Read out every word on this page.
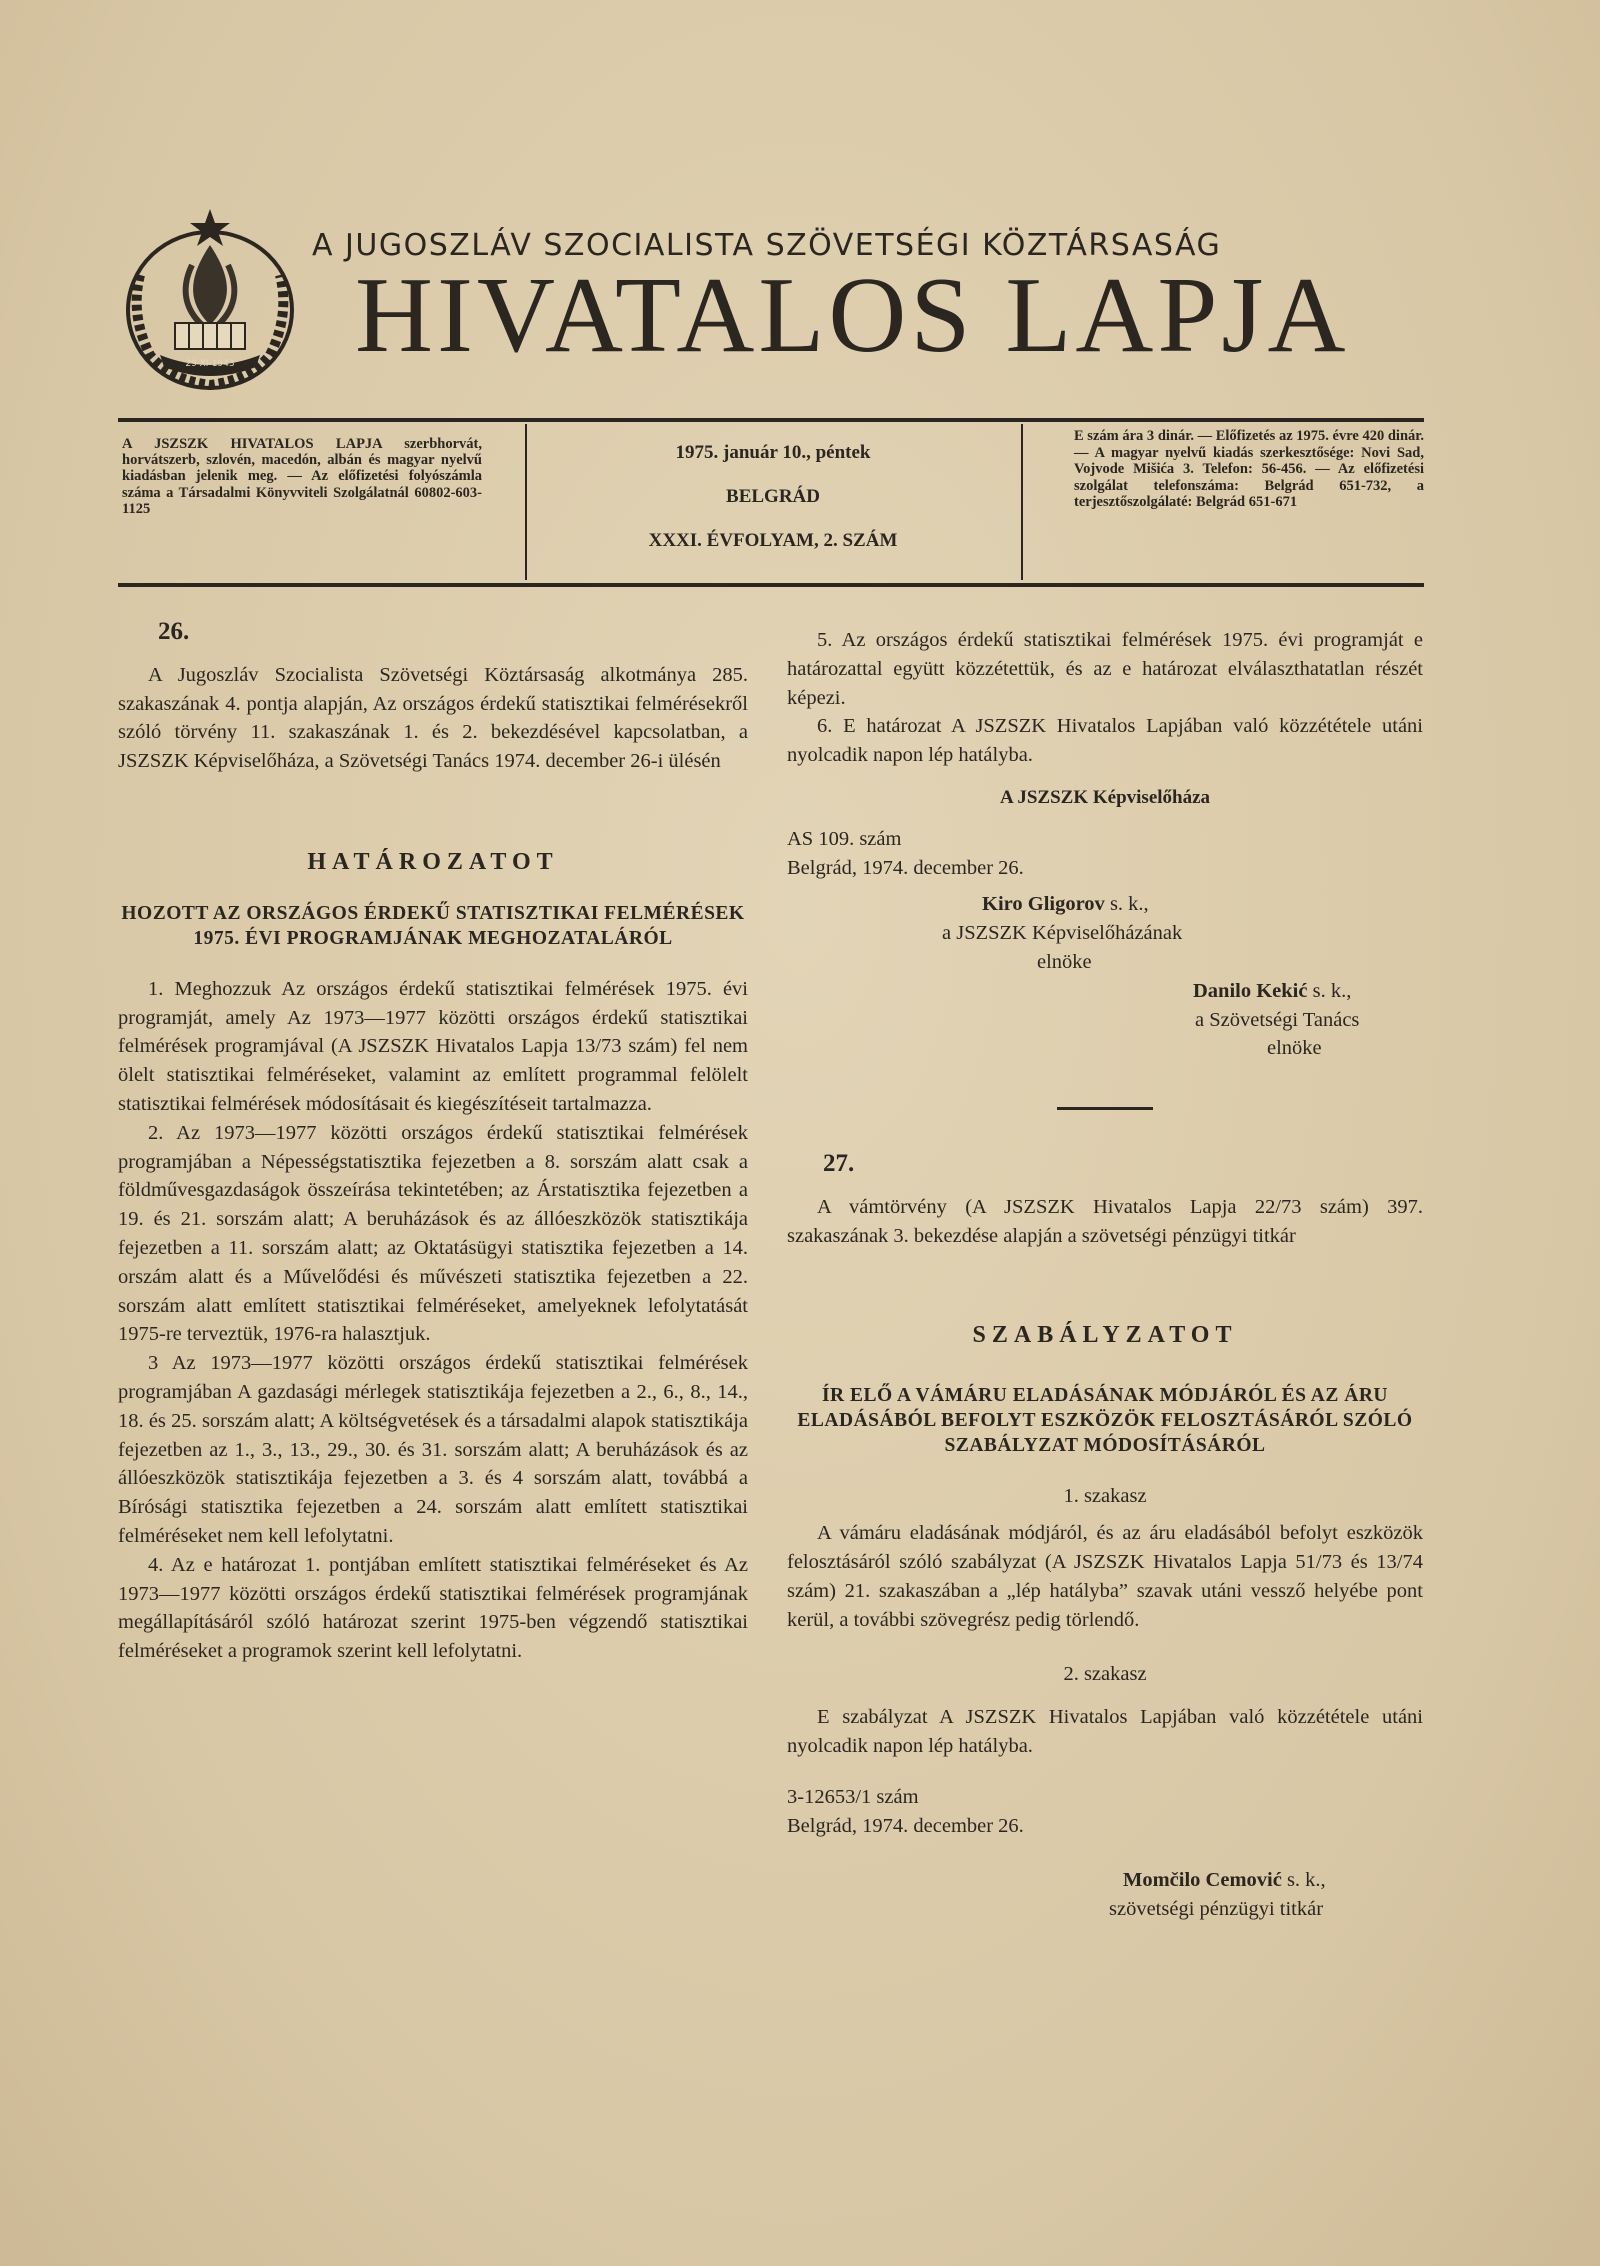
29-XI-1943
A JUGOSZLÁV SZOCIALISTA SZÖVETSÉGI KÖZTÁRSASÁG
HIVATALOS LAPJA

A JSZSZK HIVATALOS LAPJA szerbhorvát, horvátszerb, szlovén, macedón, albán és magyar nyelvű kiadásban jelenik meg. — Az előfizetési folyószámla száma a Társadalmi Könyvviteli Szolgálatnál 60802-603-1125

1975. január 10., péntek
BELGRÁD
XXXI. ÉVFOLYAM, 2. SZÁM
E szám ára 3 dinár. — Előfizetés az 1975. évre 420 dinár. — A magyar nyelvű kiadás szerkesztősége: Novi Sad, Vojvode Mišića 3. Telefon: 56-456. — Az előfizetési szolgálat telefonszáma: Belgrád 651-732, a terjesztőszolgálaté: Belgrád 651-671
26.

A Jugoszláv Szocialista Szövetségi Köztársaság alkotmánya 285. szakaszának 4. pontja alapján, Az országos érdekű statisztikai felmérésekről szóló törvény 11. szakaszának 1. és 2. bekezdésével kapcsolatban, a JSZSZK Képviselőháza, a Szövetségi Tanács 1974. december 26-i ülésén

HATÁROZATOT
HOZOTT AZ ORSZÁGOS ÉRDEKŰ STATISZTIKAI FELMÉRÉSEK 1975. ÉVI PROGRAMJÁNAK MEGHOZATALÁRÓL

1. Meghozzuk Az országos érdekű statisztikai felmérések 1975. évi programját, amely Az 1973—1977 közötti országos érdekű statisztikai felmérések programjával (A JSZSZK Hivatalos Lapja 13/73 szám) fel nem ölelt statisztikai felméréseket, valamint az említett programmal felölelt statisztikai felmérések módosításait és kiegészítéseit tartalmazza.

2. Az 1973—1977 közötti országos érdekű statisztikai felmérések programjában a Népességstatisztika fejezetben a 8. sorszám alatt csak a földművesgazdaságok összeírása tekintetében; az Árstatisztika fejezetben a 19. és 21. sorszám alatt; A beruházások és az állóeszközök statisztikája fejezetben a 11. sorszám alatt; az Oktatásügyi statisztika fejezetben a 14. orszám alatt és a Művelődési és művészeti statisztika fejezetben a 22. sorszám alatt említett statisztikai felméréseket, amelyeknek lefolytatását 1975-re terveztük, 1976-ra halasztjuk.

3 Az 1973—1977 közötti országos érdekű statisztikai felmérések programjában A gazdasági mérlegek statisztikája fejezetben a 2., 6., 8., 14., 18. és 25. sorszám alatt; A költségvetések és a társadalmi alapok statisztikája fejezetben az 1., 3., 13., 29., 30. és 31. sorszám alatt; A beruházások és az állóeszközök statisztikája fejezetben a 3. és 4 sorszám alatt, továbbá a Bírósági statisztika fejezetben a 24. sorszám alatt említett statisztikai felméréseket nem kell lefolytatni.

4. Az e határozat 1. pontjában említett statisztikai felméréseket és Az 1973—1977 közötti országos érdekű statisztikai felmérések programjának megállapításáról szóló határozat szerint 1975-ben végzendő statisztikai felméréseket a programok szerint kell lefolytatni.

5. Az országos érdekű statisztikai felmérések 1975. évi programját e határozattal együtt közzétettük, és az e határozat elválaszthatatlan részét képezi.

6. E határozat A JSZSZK Hivatalos Lapjában való közzététele utáni nyolcadik napon lép hatályba.

A JSZSZK Képviselőháza

AS 109. szám

Belgrád, 1974. december 26.

Kiro Gligorov s. k.,
a JSZSZK Képviselőházának
elnöke
Danilo Kekić s. k.,
a Szövetségi Tanács
elnöke
27.

A vámtörvény (A JSZSZK Hivatalos Lapja 22/73 szám) 397. szakaszának 3. bekezdése alapján a szövetségi pénzügyi titkár

SZABÁLYZATOT
ÍR ELŐ A VÁMÁRU ELADÁSÁNAK MÓDJÁRÓL ÉS AZ ÁRU ELADÁSÁBÓL BEFOLYT ESZKÖZÖK FELOSZTÁSÁRÓL SZÓLÓ SZABÁLYZAT MÓDOSÍTÁSÁRÓL

1. szakasz

A vámáru eladásának módjáról, és az áru eladásából befolyt eszközök felosztásáról szóló szabályzat (A JSZSZK Hivatalos Lapja 51/73 és 13/74 szám) 21. szakaszában a „lép hatályba” szavak utáni vessző helyébe pont kerül, a további szövegrész pedig törlendő.

2. szakasz

E szabályzat A JSZSZK Hivatalos Lapjában való közzététele utáni nyolcadik napon lép hatályba.

3-12653/1 szám

Belgrád, 1974. december 26.

Momčilo Cemović s. k.,
szövetségi pénzügyi titkár
